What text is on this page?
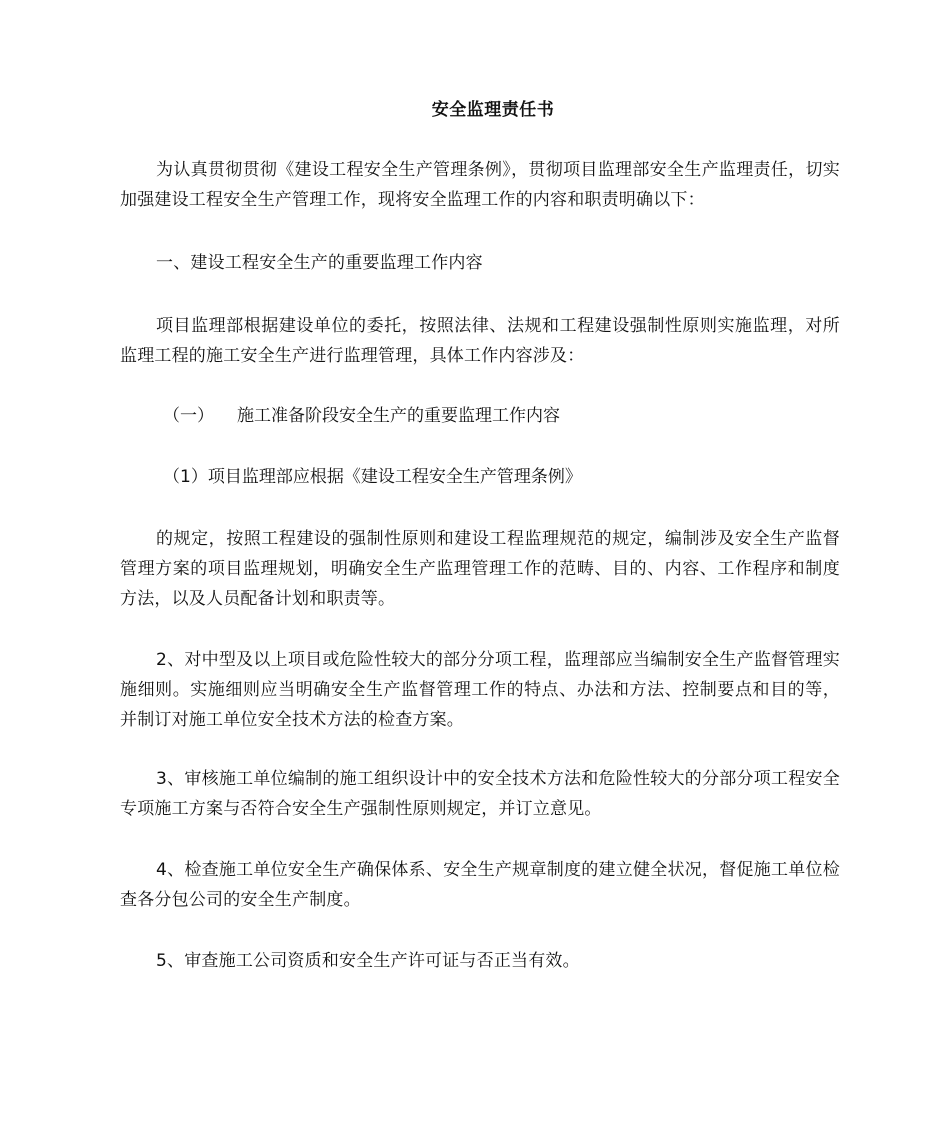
安全监理责任书

为认真贯彻贯彻《建设工程安全生产管理条例》，贯彻项目监理部安全生产监理责任，切实加强建设工程安全生产管理工作，现将安全监理工作的内容和职责明确以下：

一、建设工程安全生产的重要监理工作内容

项目监理部根据建设单位的委托，按照法律、法规和工程建设强制性原则实施监理，对所监理工程的施工安全生产进行监理管理，具体工作内容涉及：

（一） 施工准备阶段安全生产的重要监理工作内容

（1）项目监理部应根据《建设工程安全生产管理条例》

的规定，按照工程建设的强制性原则和建设工程监理规范的规定，编制涉及安全生产监督管理方案的项目监理规划，明确安全生产监理管理工作的范畴、目的、内容、工作程序和制度方法，以及人员配备计划和职责等。

2、对中型及以上项目或危险性较大的部分分项工程，监理部应当编制安全生产监督管理实施细则。实施细则应当明确安全生产监督管理工作的特点、办法和方法、控制要点和目的等，并制订对施工单位安全技术方法的检查方案。

3、审核施工单位编制的施工组织设计中的安全技术方法和危险性较大的分部分项工程安全专项施工方案与否符合安全生产强制性原则规定，并订立意见。

4、检查施工单位安全生产确保体系、安全生产规章制度的建立健全状况，督促施工单位检查各分包公司的安全生产制度。

5、审查施工公司资质和安全生产许可证与否正当有效。
